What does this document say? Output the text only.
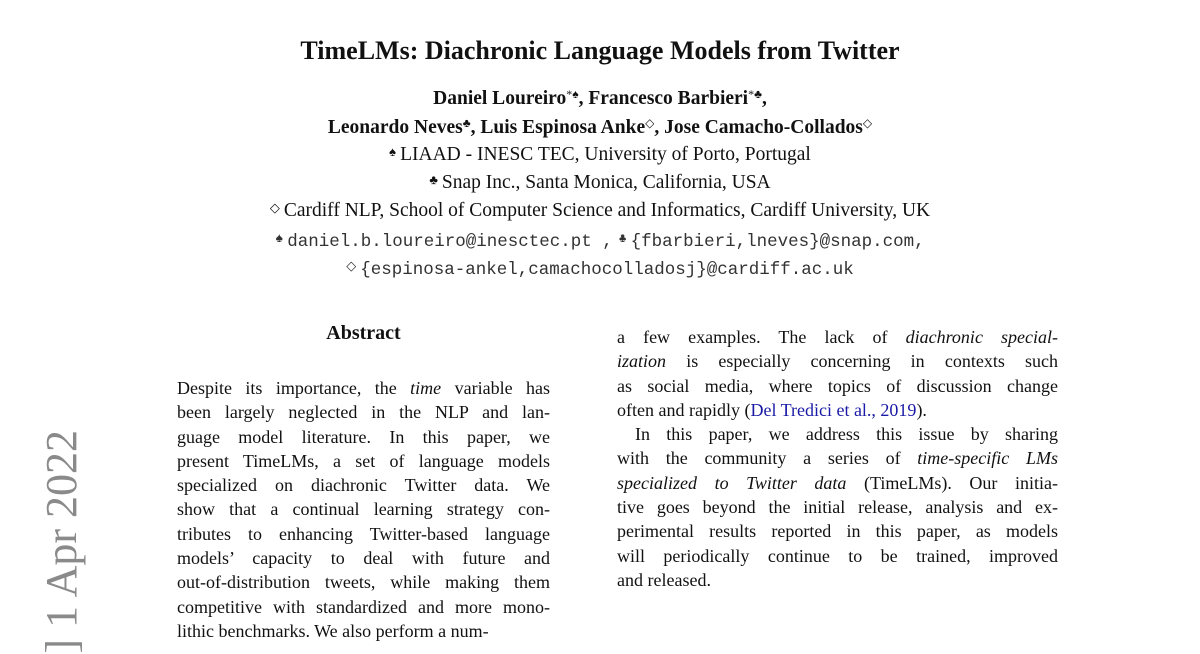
] 1 Apr 2022
TimeLMs: Diachronic Language Models from Twitter
Daniel Loureiro*♠, Francesco Barbieri*♣,
Leonardo Neves♣, Luis Espinosa Anke◇, Jose Camacho-Collados◇
♠ LIAAD - INESC TEC, University of Porto, Portugal
♣ Snap Inc., Santa Monica, California, USA
◇ Cardiff NLP, School of Computer Science and Informatics, Cardiff University, UK
♠ daniel.b.loureiro@inesctec.pt , ♣ {fbarbieri,lneves}@snap.com,
◇ {espinosa-ankel,camachocolladosj}@cardiff.ac.uk
Abstract
Despite its importance, the time variable has
been largely neglected in the NLP and lan-
guage model literature. In this paper, we
present TimeLMs, a set of language models
specialized on diachronic Twitter data. We
show that a continual learning strategy con-
tributes to enhancing Twitter-based language
models’ capacity to deal with future and
out-of-distribution tweets, while making them
competitive with standardized and more mono-
lithic benchmarks. We also perform a num-
a few examples. The lack of diachronic special-
ization is especially concerning in contexts such
as social media, where topics of discussion change
often and rapidly (Del Tredici et al., 2019).
In this paper, we address this issue by sharing
with the community a series of time-specific LMs
specialized to Twitter data (TimeLMs). Our initia-
tive goes beyond the initial release, analysis and ex-
perimental results reported in this paper, as models
will periodically continue to be trained, improved
and released.
